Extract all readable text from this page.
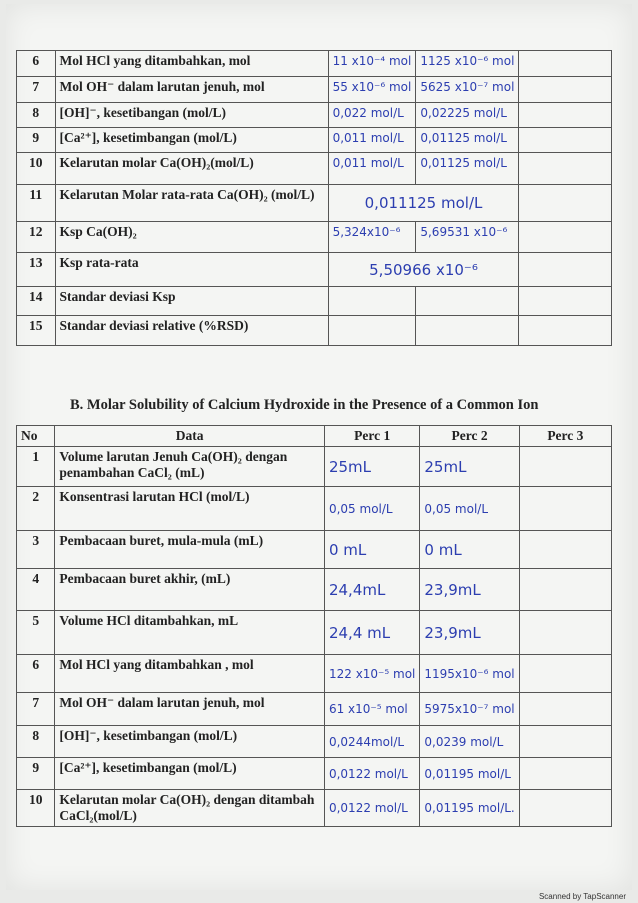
6	Mol HCl yang ditambahkan, mol	11 x10⁻⁴ mol	1125 x10⁻⁶ mol	
7	Mol OH⁻ dalam larutan jenuh, mol	55 x10⁻⁶ mol	5625 x10⁻⁷ mol	
8	[OH]⁻, kesetibangan (mol/L)	0,022 mol/L	0,02225 mol/L	
9	[Ca²⁺], kesetimbangan (mol/L)	0,011 mol/L	0,01125 mol/L	
10	Kelarutan molar Ca(OH)₂(mol/L)	0,011 mol/L	0,01125 mol/L	
11	Kelarutan Molar rata-rata Ca(OH)₂ (mol/L)	0,011125 mol/L		
12	Ksp Ca(OH)₂	5,324x10⁻⁶	5,69531 x10⁻⁶	
13	Ksp rata-rata	5,50966 x10⁻⁶		
14	Standar deviasi Ksp			
15	Standar deviasi relative (%RSD)			
B. Molar Solubility of Calcium Hydroxide in the Presence of a Common Ion
No	Data	Perc 1	Perc 2	Perc 3
1	Volume larutan Jenuh Ca(OH)₂ dengan penambahan CaCl₂ (mL)	25mL	25mL	
2	Konsentrasi larutan HCl (mol/L)	0,05 mol/L	0,05 mol/L	
3	Pembacaan buret, mula-mula (mL)	0 mL	0 mL	
4	Pembacaan buret akhir, (mL)	24,4mL	23,9mL	
5	Volume HCl ditambahkan, mL	24,4 mL	23,9mL	
6	Mol HCl yang ditambahkan , mol	122 x10⁻⁵ mol	1195x10⁻⁶ mol	
7	Mol OH⁻ dalam larutan jenuh, mol	61 x10⁻⁵ mol	5975x10⁻⁷ mol	
8	[OH]⁻, kesetimbangan (mol/L)	0,0244mol/L	0,0239 mol/L	
9	[Ca²⁺], kesetimbangan (mol/L)	0,0122 mol/L	0,01195 mol/L	
10	Kelarutan molar Ca(OH)₂ dengan ditambah CaCl₂(mol/L)	0,0122 mol/L	0,01195 mol/L.	
Scanned by TapScanner
